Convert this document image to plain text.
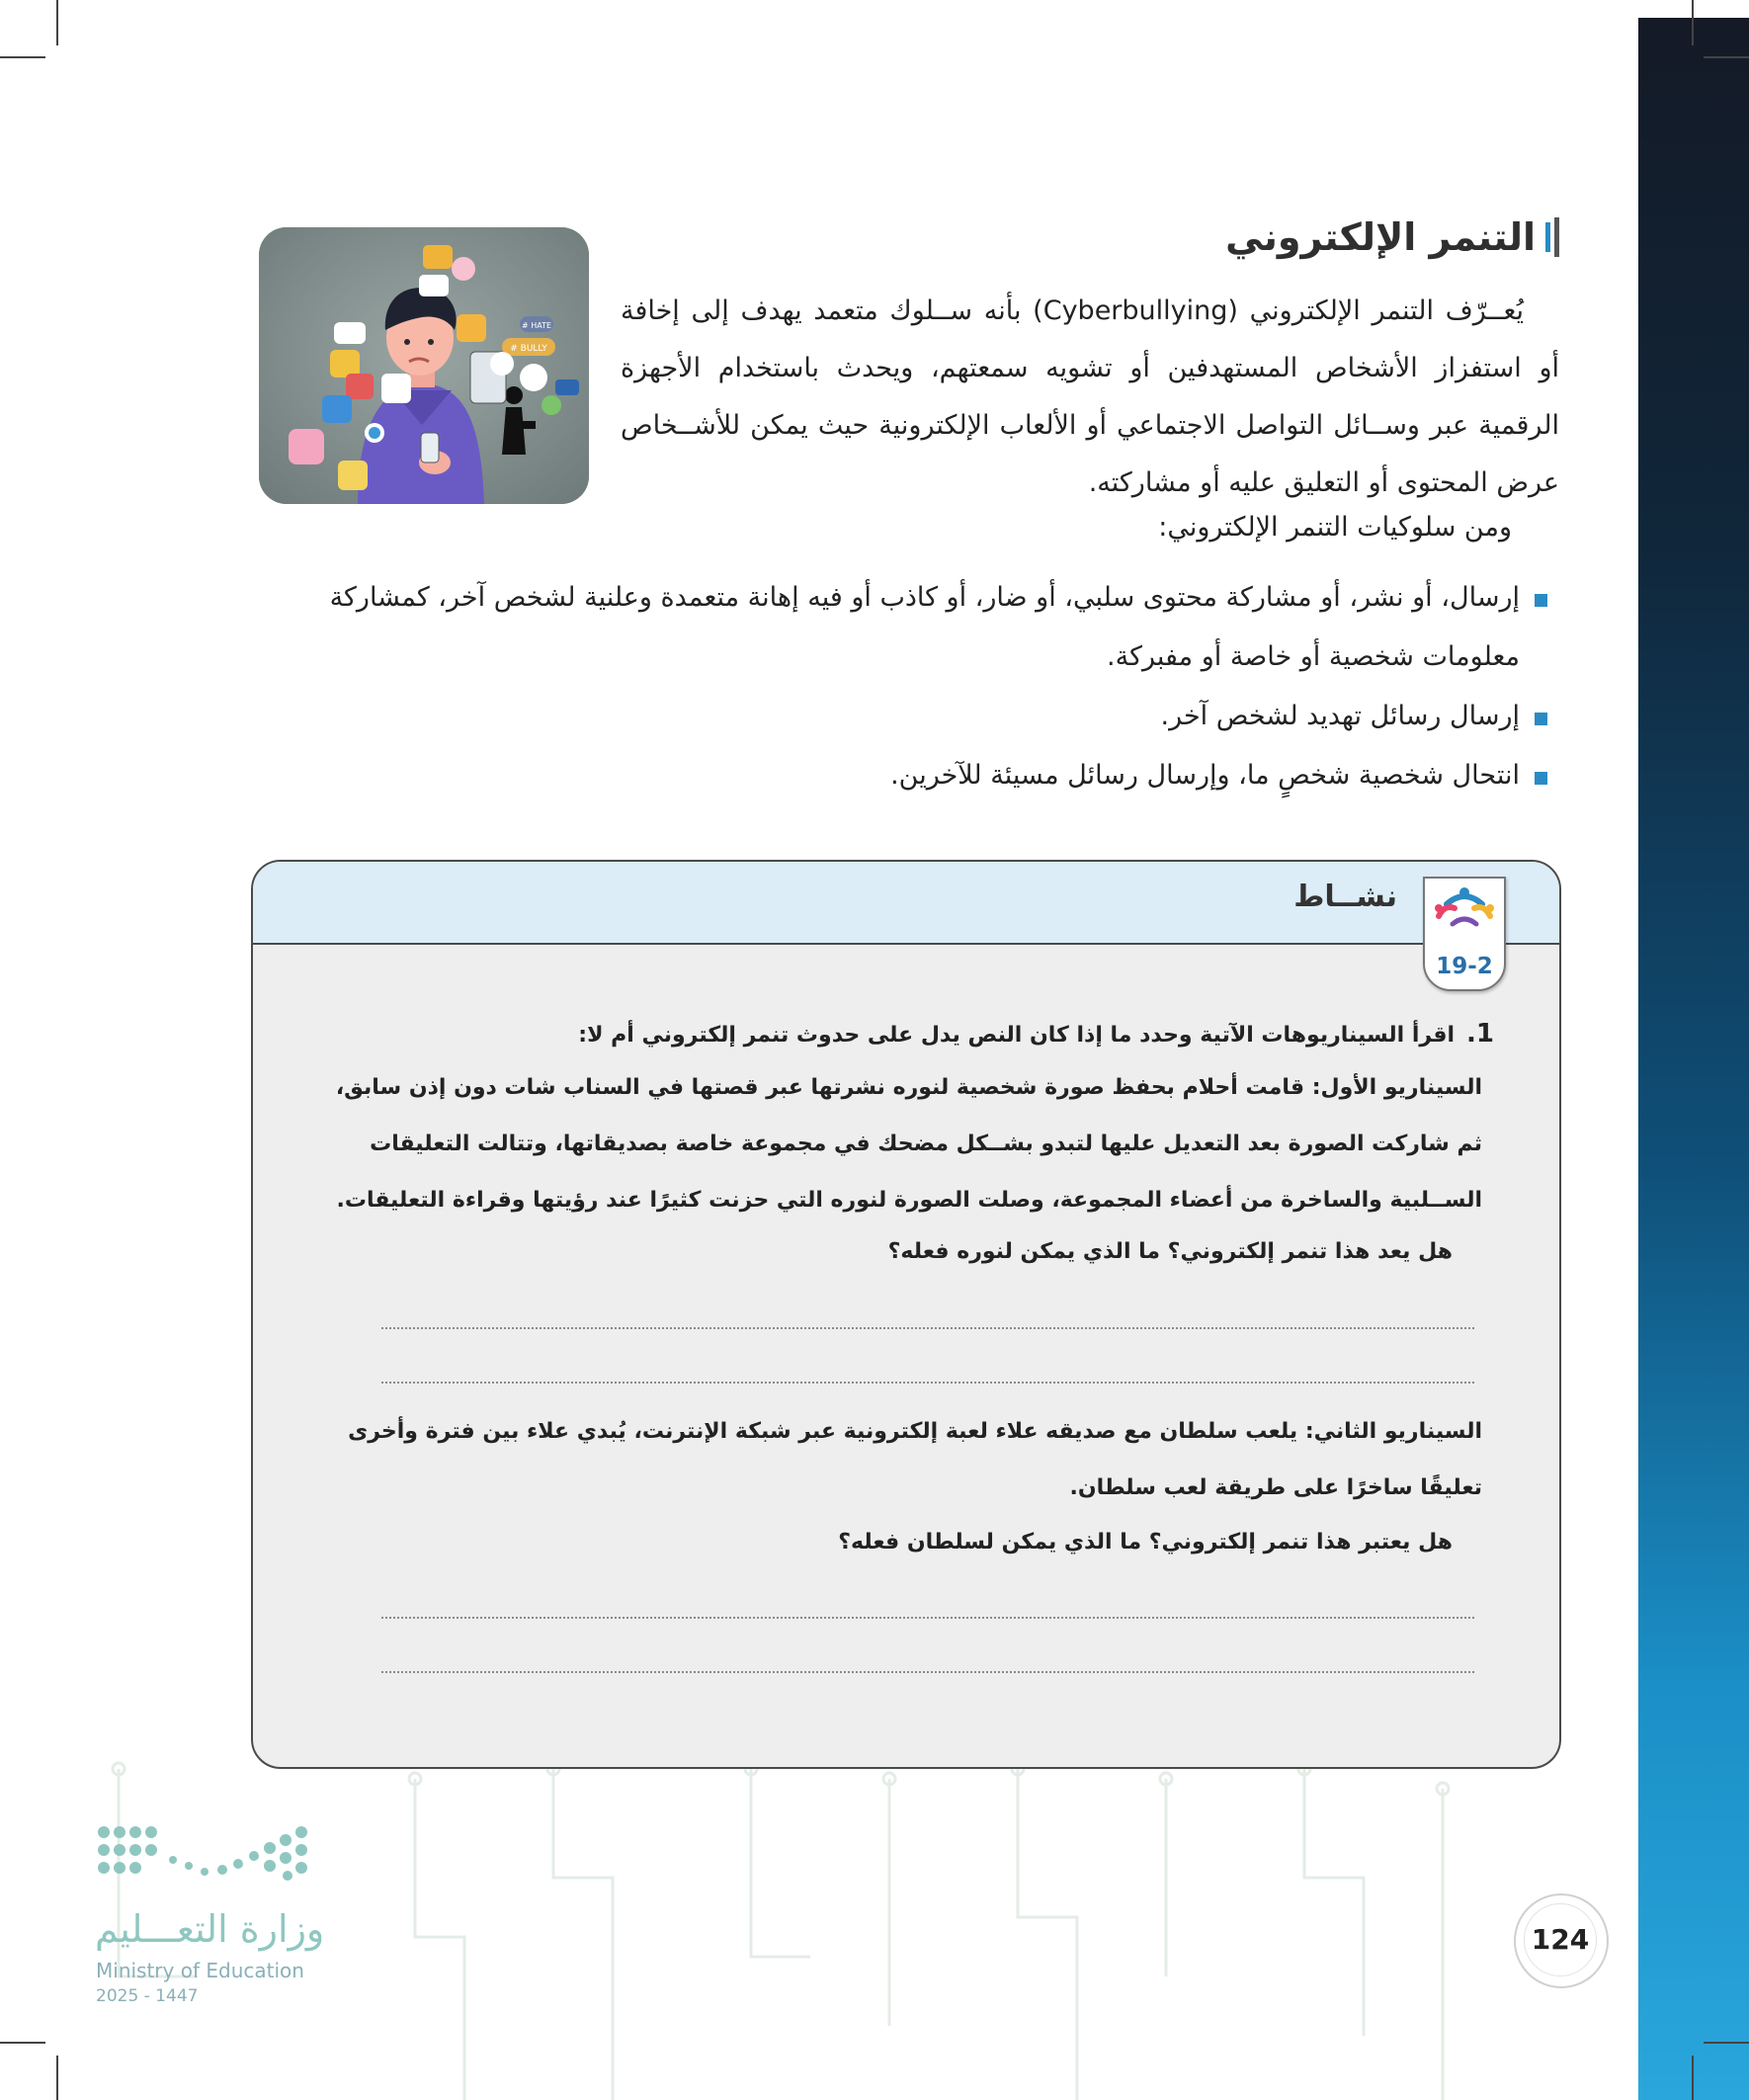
التنمر الإلكتروني
# HATE
# BULLY

يُعــرّف التنمر الإلكتروني (Cyberbullying) بأنه ســلوك متعمد يهدف إلى إخافة أو استفزاز الأشخاص المستهدفين أو تشويه سمعتهم، ويحدث باستخدام الأجهزة الرقمية عبر وســائل التواصل الاجتماعي أو الألعاب الإلكترونية حيث يمكن للأشــخاص عرض المحتوى أو التعليق عليه أو مشاركته.

ومن سلوكيات التنمر الإلكتروني:
إرسال، أو نشر، أو مشاركة محتوى سلبي، أو ضار، أو كاذب أو فيه إهانة متعمدة وعلنية لشخص آخر، كمشاركة معلومات شخصية أو خاصة أو مفبركة.
إرسال رسائل تهديد لشخص آخر.
انتحال شخصية شخصٍ ما، وإرسال رسائل مسيئة للآخرين.
نشــاط
19-2
1.اقرأ السيناريوهات الآتية وحدد ما إذا كان النص يدل على حدوث تنمر إلكتروني أم لا:
السيناريو الأول: قامت أحلام بحفظ صورة شخصية لنوره نشرتها عبر قصتها في السناب شات دون إذن سابق، ثم شاركت الصورة بعد التعديل عليها لتبدو بشــكل مضحك في مجموعة خاصة بصديقاتها، وتتالت التعليقات الســلبية والساخرة من أعضاء المجموعة، وصلت الصورة لنوره التي حزنت كثيرًا عند رؤيتها وقراءة التعليقات.
هل يعد هذا تنمر إلكتروني؟ ما الذي يمكن لنوره فعله؟
السيناريو الثاني: يلعب سلطان مع صديقه علاء لعبة إلكترونية عبر شبكة الإنترنت، يُبدي علاء بين فترة وأخرى تعليقًا ساخرًا على طريقة لعب سلطان.
هل يعتبر هذا تنمر إلكتروني؟ ما الذي يمكن لسلطان فعله؟
وزارة التعـــليم
Ministry of Education
2025 - 1447
124
